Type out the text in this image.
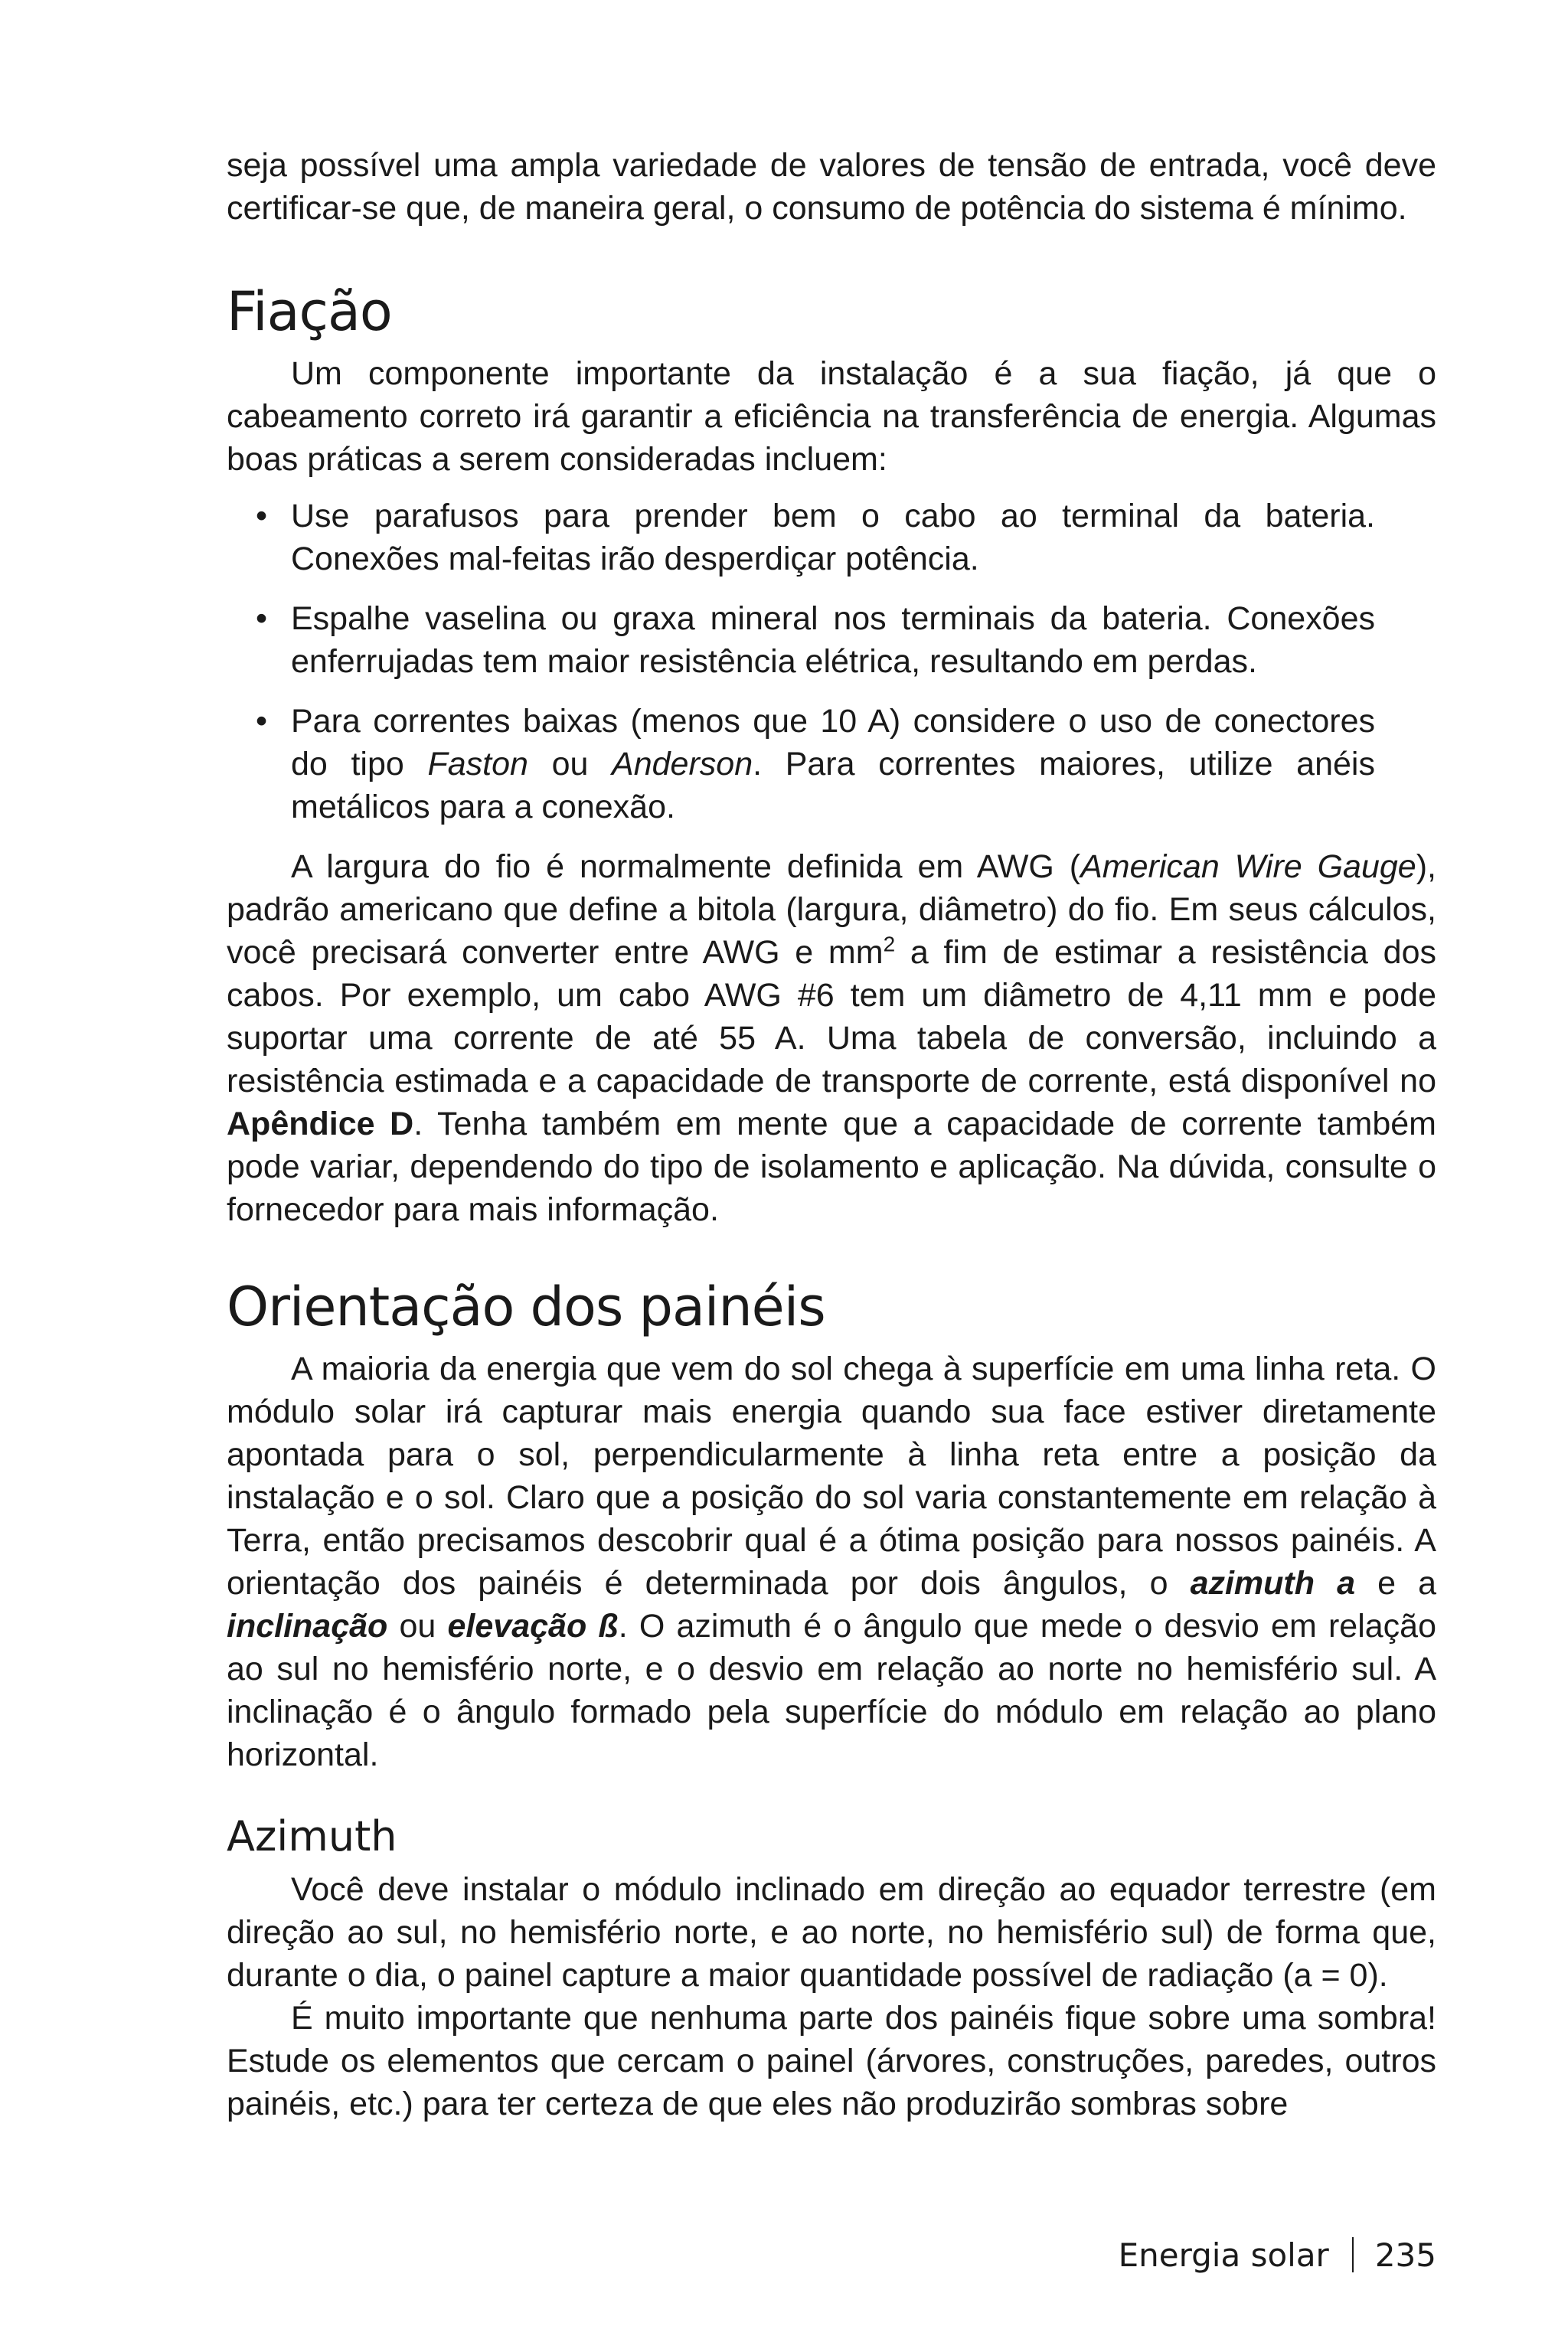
seja possível uma ampla variedade de valores de tensão de entrada, você deve certificar-se que, de maneira geral, o consumo de potência do sistema é mínimo.

Fiação

Um componente importante da instalação é a sua fiação, já que o cabeamento correto irá garantir a eficiência na transferência de energia. Algumas boas práticas a serem consideradas incluem:

• Use parafusos para prender bem o cabo ao terminal da bateria. Conexões mal-feitas irão desperdiçar potência.
• Espalhe vaselina ou graxa mineral nos terminais da bateria. Conexões enferrujadas tem maior resistência elétrica, resultando em perdas.
• Para correntes baixas (menos que 10 A) considere o uso de conectores do tipo Faston ou Anderson. Para correntes maiores, utilize anéis metálicos para a conexão.

A largura do fio é normalmente definida em AWG (American Wire Gauge), padrão americano que define a bitola (largura, diâmetro) do fio. Em seus cálculos, você precisará converter entre AWG e $mm^2$ a fim de estimar a resistência dos cabos. Por exemplo, um cabo AWG #6 tem um diâmetro de 4,11 mm e pode suportar uma corrente de até 55 A. Uma tabela de conversão, incluindo a resistência estimada e a capacidade de transporte de corrente, está disponível no Apêndice D. Tenha também em mente que a capacidade de corrente também pode variar, dependendo do tipo de isolamento e aplicação. Na dúvida, consulte o fornecedor para mais informação.

Orientação dos painéis

A maioria da energia que vem do sol chega à superfície em uma linha reta. O módulo solar irá capturar mais energia quando sua face estiver diretamente apontada para o sol, perpendicularmente à linha reta entre a posição da instalação e o sol. Claro que a posição do sol varia constantemente em relação à Terra, então precisamos descobrir qual é a ótima posição para nossos painéis. A orientação dos painéis é determinada por dois ângulos, o azimuth a e a inclinação ou elevação ß. O azimuth é o ângulo que mede o desvio em relação ao sul no hemisfério norte, e o desvio em relação ao norte no hemisfério sul. A inclinação é o ângulo formado pela superfície do módulo em relação ao plano horizontal.

Azimuth

Você deve instalar o módulo inclinado em direção ao equador terrestre (em direção ao sul, no hemisfério norte, e ao norte, no hemisfério sul) de forma que, durante o dia, o painel capture a maior quantidade possível de radiação (a = 0).

É muito importante que nenhuma parte dos painéis fique sobre uma sombra! Estude os elementos que cercam o painel (árvores, construções, paredes, outros painéis, etc.) para ter certeza de que eles não produzirão sombras sobre

Energia solar 235
